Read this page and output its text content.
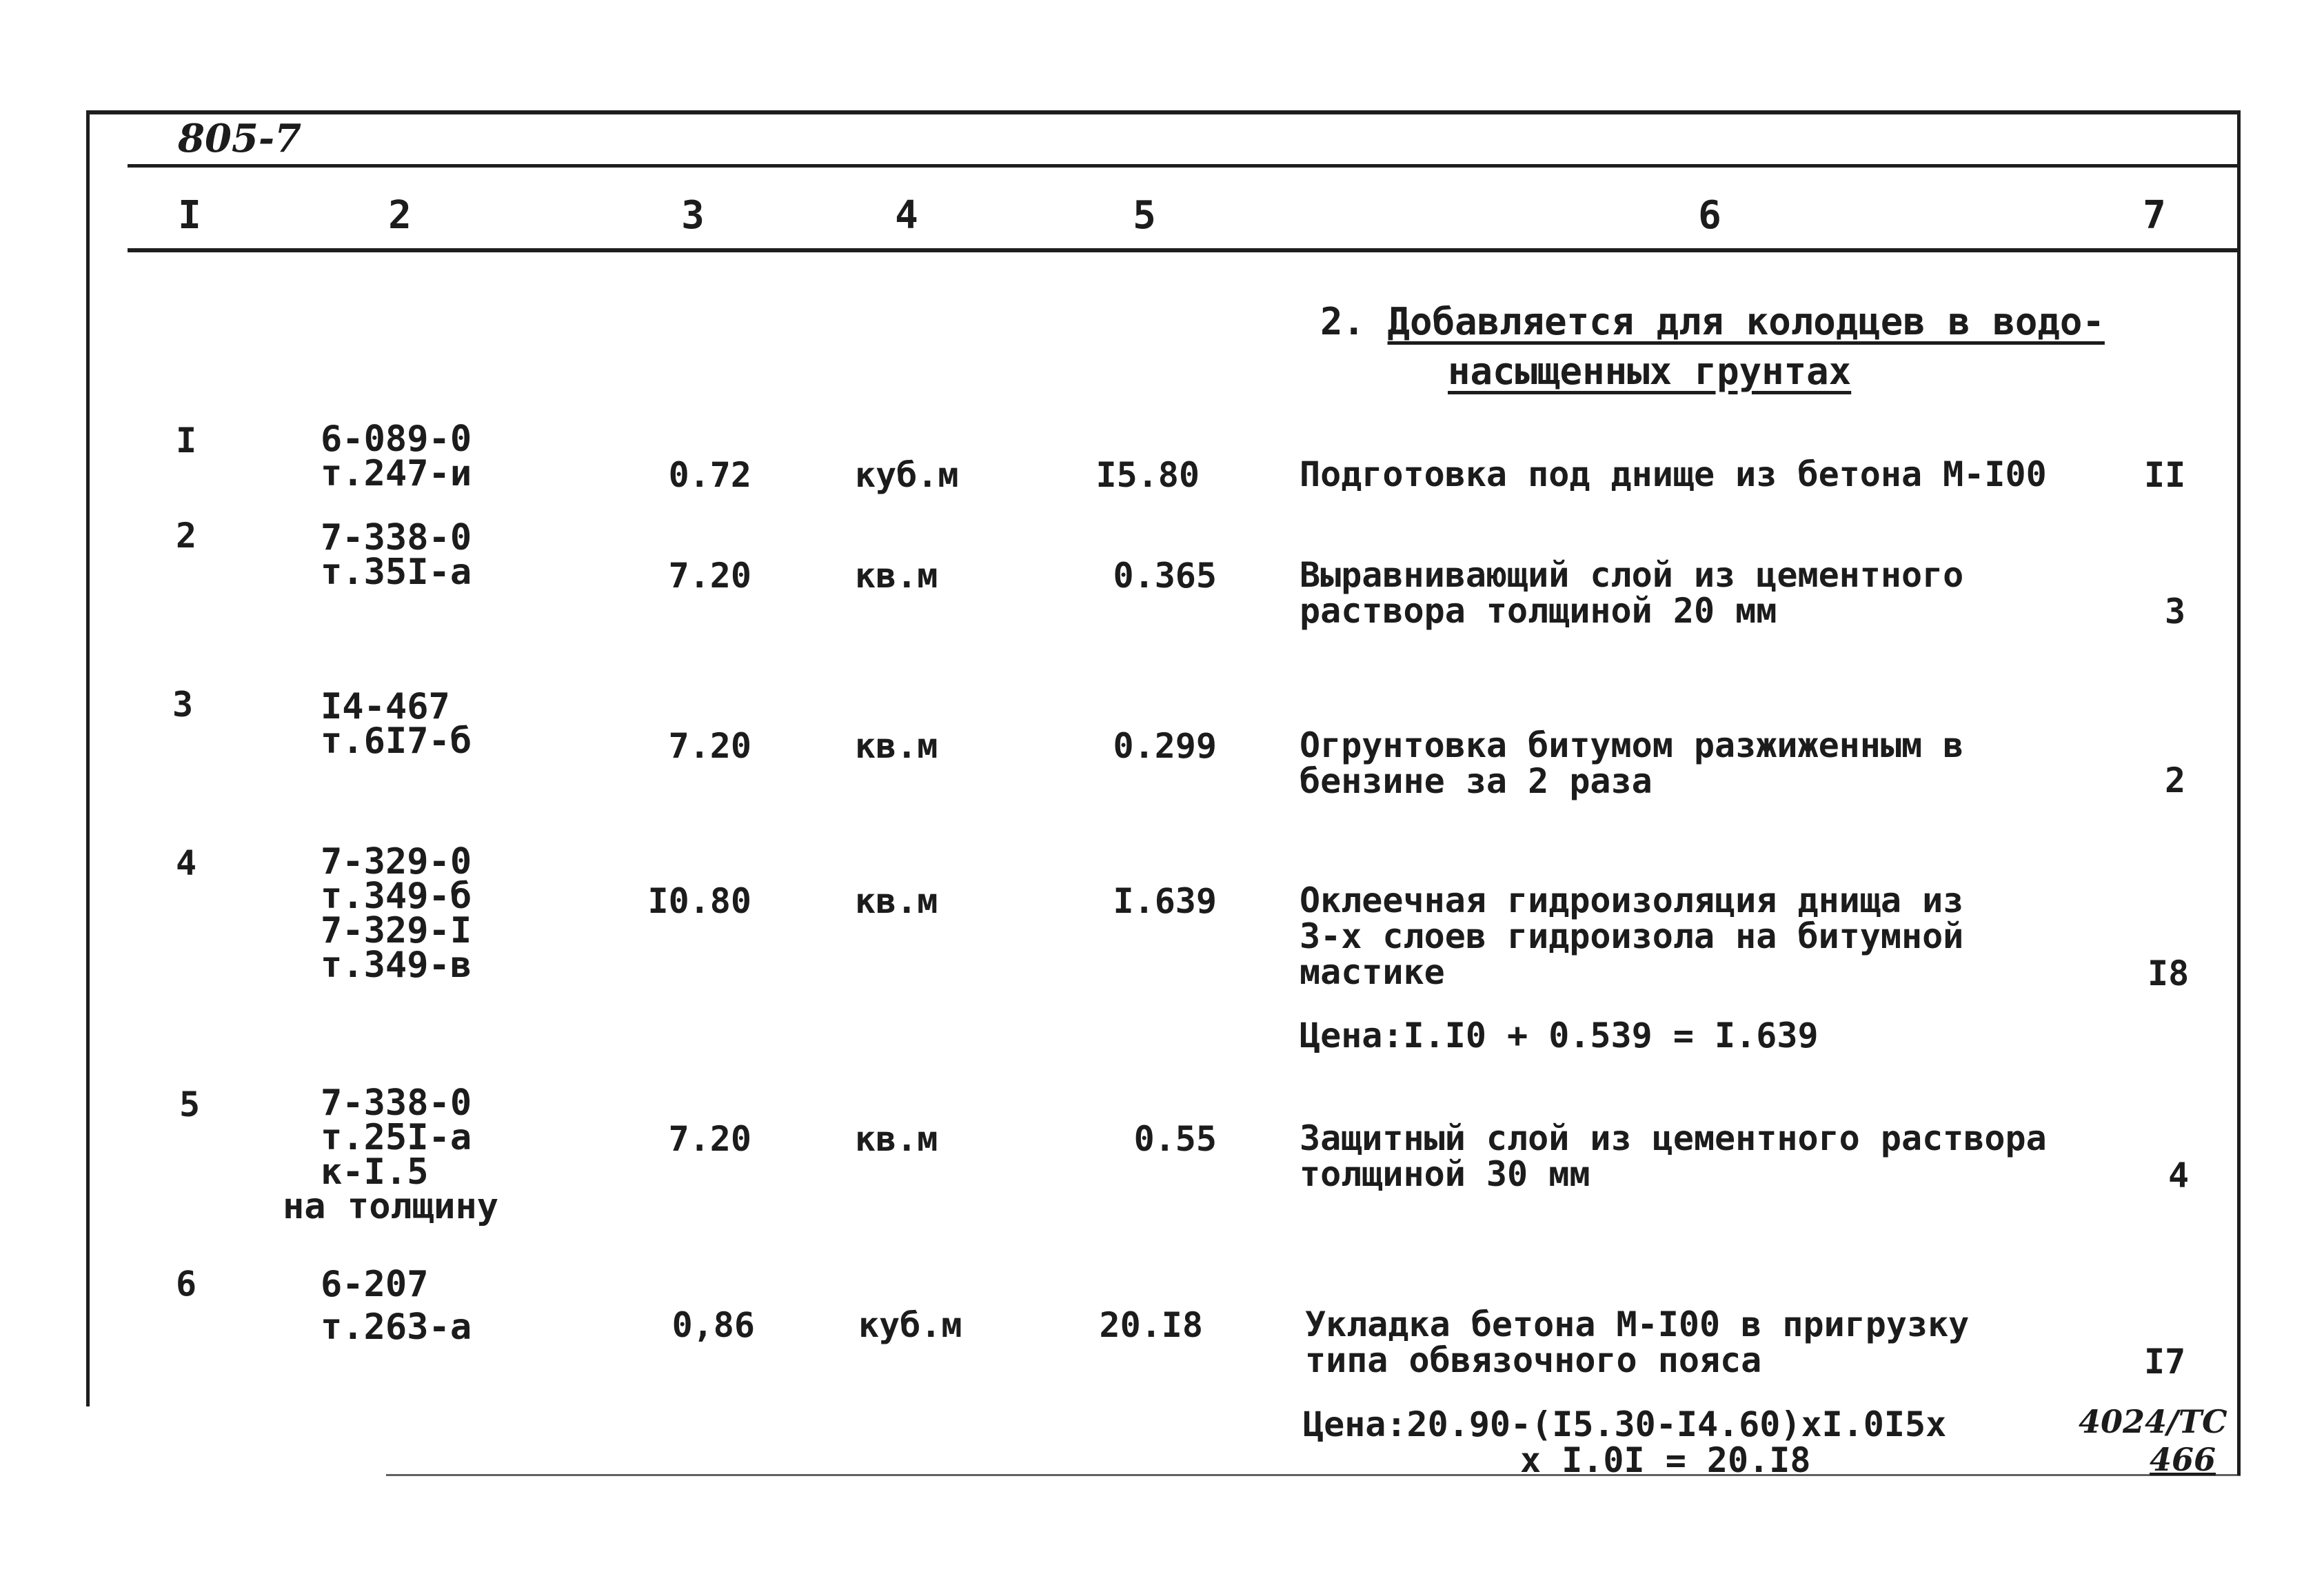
805-7
I	2	3	4	5	6	7
2. Добавляется для колодцев в водо-
насыщенных грунтах
I	6-089-0
т.247-и	0.72	куб.м	I5.80	Подготовка под днище из бетона М-I00	II
2	7-338-0
т.35I-а	7.20	кв.м	0.365 Выравнивающий слой из цементного
раствора толщиной 20 мм	3
3	I4-467
т.6I7-б	7.20	кв.м	0.299 Огрунтовка битумом разжиженным в
бензине за 2 раза	2
4	7-329-0
т.349-б
7-329-I
т.349-в
I0.80	кв.м	I.639 Оклеечная гидроизоляция днища из
3-х слоев гидроизола на битумной
мастике	I8
Цена:I.I0 + 0.539 = I.639
5	7-338-0
т.25I-а
к-I.5
на толщину
7.20	кв.м	0.55 Защитный слой из цементного раствора
толщиной 30 мм	4
6	6-207
т.263-а	0,86	куб.м	20.I8	Укладка бетона М-I00 в пригрузку
типа обвязочного пояса	I7
Цена:20.90-(I5.30-I4.60)xI.0I5x
x I.0I = 20.I8
4024/ТС
466
